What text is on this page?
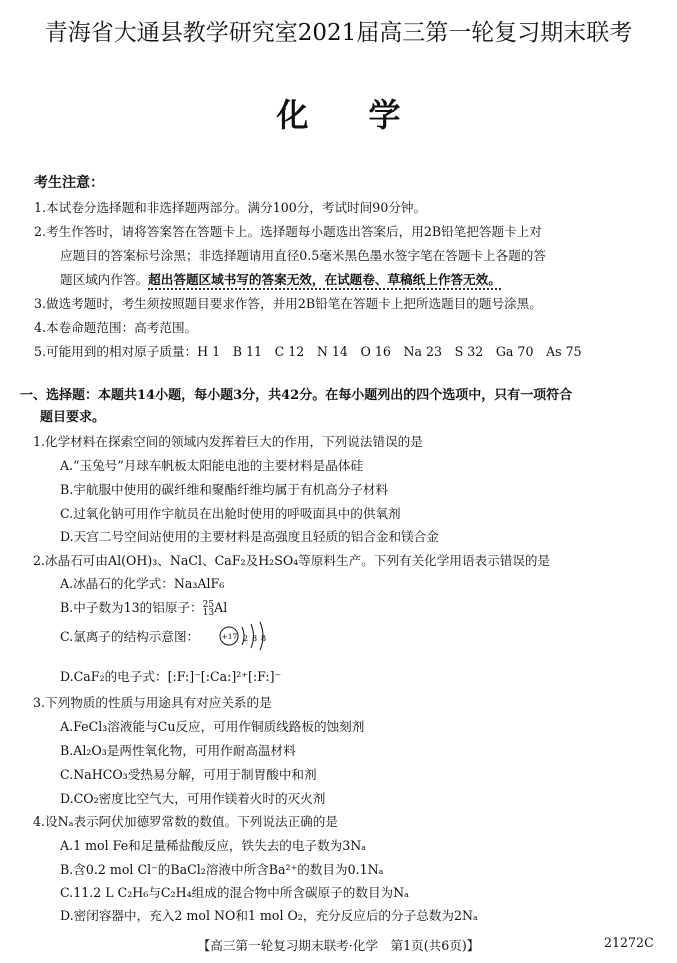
青海省大通县教学研究室2021届高三第一轮复习期末联考
化学
考生注意：
1.本试卷分选择题和非选择题两部分。满分100分，考试时间90分钟。
2.考生作答时，请将答案答在答题卡上。选择题每小题选出答案后，用2B铅笔把答题卡上对
应题目的答案标号涂黑；非选择题请用直径0.5毫米黑色墨水签字笔在答题卡上各题的答
题区域内作答。超出答题区域书写的答案无效，在试题卷、草稿纸上作答无效。
3.做选考题时，考生须按照题目要求作答，并用2B铅笔在答题卡上把所选题目的题号涂黑。
4.本卷命题范围：高考范围。
5.可能用到的相对原子质量：H 1　B 11　C 12　N 14　O 16　Na 23　S 32　Ga 70　As 75
一、选择题：本题共14小题，每小题3分，共42分。在每小题列出的四个选项中，只有一项符合
题目要求。
1.化学材料在探索空间的领域内发挥着巨大的作用，下列说法错误的是
A.“玉兔号”月球车帆板太阳能电池的主要材料是晶体硅
B.宇航服中使用的碳纤维和聚酯纤维均属于有机高分子材料
C.过氧化钠可用作宇航员在出舱时使用的呼吸面具中的供氧剂
D.天宫二号空间站使用的主要材料是高强度且轻质的铝合金和镁合金
2.冰晶石可由Al(OH)₃、NaCl、CaF₂及H₂SO₄等原料生产。下列有关化学用语表示错误的是
A.冰晶石的化学式：Na₃AlF₆
B.中子数为13的铝原子： 25
13 Al
C.氯离子的结构示意图：	+17 2 8 8
D.CaF₂的电子式：[:F:]⁻[:Ca:]²⁺[:F:]⁻
3.下列物质的性质与用途具有对应关系的是
A.FeCl₃溶液能与Cu反应，可用作铜质线路板的蚀刻剂
B.Al₂O₃是两性氧化物，可用作耐高温材料
C.NaHCO₃受热易分解，可用于制胃酸中和剂
D.CO₂密度比空气大，可用作镁着火时的灭火剂
4.设Nₐ表示阿伏加德罗常数的数值。下列说法正确的是
A.1 mol Fe和足量稀盐酸反应，铁失去的电子数为3Nₐ
B.含0.2 mol Cl⁻的BaCl₂溶液中所含Ba²⁺的数目为0.1Nₐ
C.11.2 L C₂H₆与C₂H₄组成的混合物中所含碳原子的数目为Nₐ
D.密闭容器中，充入2 mol NO和1 mol O₂，充分反应后的分子总数为2Nₐ
【高三第一轮复习期末联考·化学　第1页(共6页)】	21272C
